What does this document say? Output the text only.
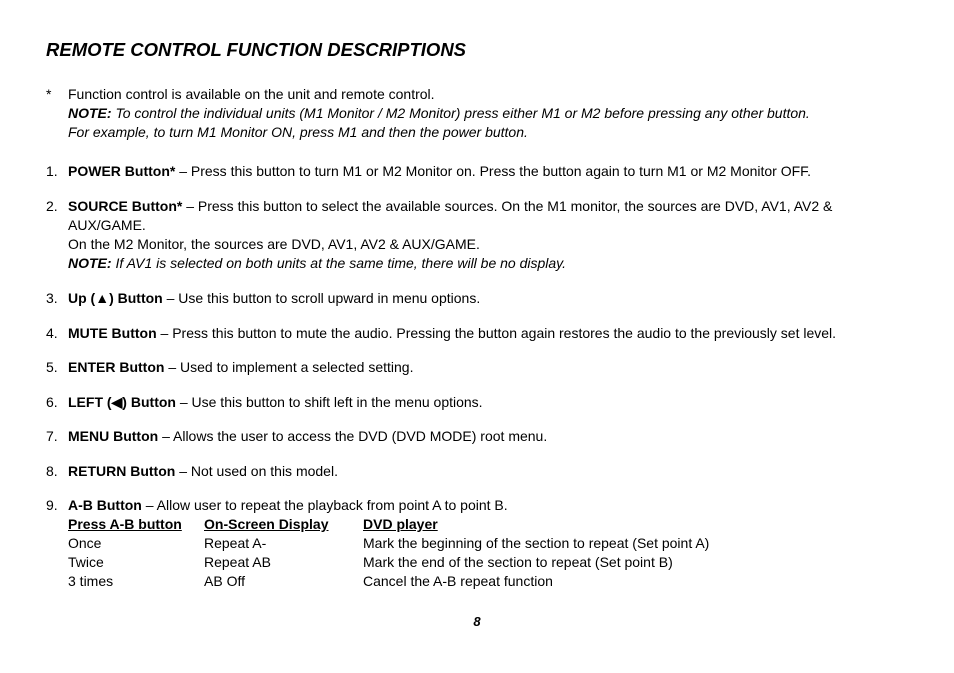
REMOTE CONTROL FUNCTION DESCRIPTIONS
*	Function control is available on the unit and remote control.
NOTE: To control the individual units (M1 Monitor / M2 Monitor) press either M1 or M2 before pressing any other button.
For example, to turn M1 Monitor ON, press M1 and then the power button.
1. POWER Button* – Press this button to turn M1 or M2 Monitor on. Press the button again to turn M1 or M2 Monitor OFF.
2. SOURCE Button* – Press this button to select the available sources. On the M1 monitor, the sources are DVD, AV1, AV2 &
AUX/GAME.
On the M2 Monitor, the sources are DVD, AV1, AV2 & AUX/GAME.
NOTE: If AV1 is selected on both units at the same time, there will be no display.
3. Up (▲) Button – Use this button to scroll upward in menu options.
4. MUTE Button – Press this button to mute the audio. Pressing the button again restores the audio to the previously set level.
5. ENTER Button – Used to implement a selected setting.
6. LEFT (◀) Button – Use this button to shift left in the menu options.
7. MENU Button – Allows the user to access the DVD (DVD MODE) root menu.
8. RETURN Button – Not used on this model.
9. A-B Button – Allow user to repeat the playback from point A to point B.
Press A-B button	On-Screen Display	DVD player
Once	Repeat A-	Mark the beginning of the section to repeat (Set point A)
Twice	Repeat AB	Mark the end of the section to repeat (Set point B)
3 times	AB Off	Cancel the A-B repeat function
8
